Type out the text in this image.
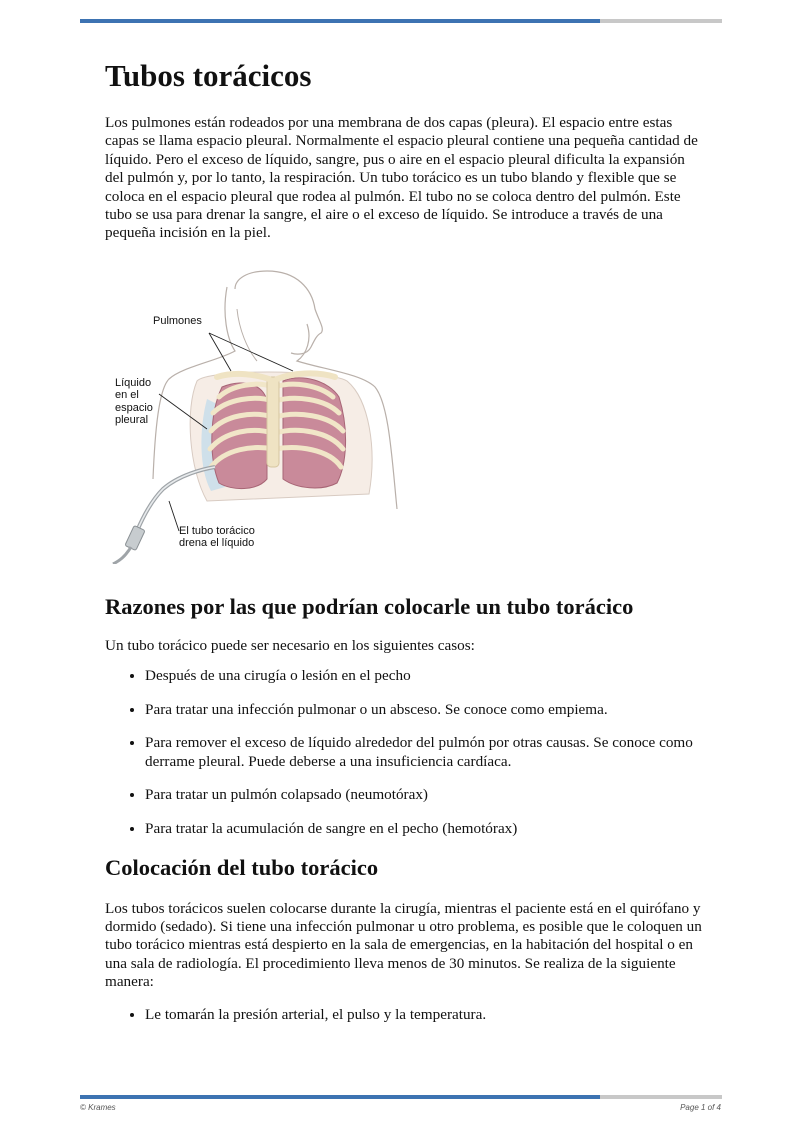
Tubos torácicos

Los pulmones están rodeados por una membrana de dos capas (pleura). El espacio entre estas capas se llama espacio pleural. Normalmente el espacio pleural contiene una pequeña cantidad de líquido. Pero el exceso de líquido, sangre, pus o aire en el espacio pleural dificulta la expansión del pulmón y, por lo tanto, la respiración. Un tubo torácico es un tubo blando y flexible que se coloca en el espacio pleural que rodea al pulmón. El tubo no se coloca dentro del pulmón. Este tubo se usa para drenar la sangre, el aire o el exceso de líquido. Se introduce a través de una pequeña incisión en la piel.

Pulmones
Líquido
en el
espacio
pleural
El tubo torácico
drena el líquido
Razones por las que podrían colocarle un tubo torácico

Un tubo torácico puede ser necesario en los siguientes casos:

• Después de una cirugía o lesión en el pecho
• Para tratar una infección pulmonar o un absceso. Se conoce como empiema.
• Para remover el exceso de líquido alrededor del pulmón por otras causas. Se conoce como derrame pleural. Puede deberse a una insuficiencia cardíaca.
• Para tratar un pulmón colapsado (neumotórax)
• Para tratar la acumulación de sangre en el pecho (hemotórax)
Colocación del tubo torácico

Los tubos torácicos suelen colocarse durante la cirugía, mientras el paciente está en el quirófano y dormido (sedado). Si tiene una infección pulmonar u otro problema, es posible que le coloquen un tubo torácico mientras está despierto en la sala de emergencias, en la habitación del hospital o en una sala de radiología. El procedimiento lleva menos de 30 minutos. Se realiza de la siguiente manera:

• Le tomarán la presión arterial, el pulso y la temperatura.
© Krames	Page 1 of 4
